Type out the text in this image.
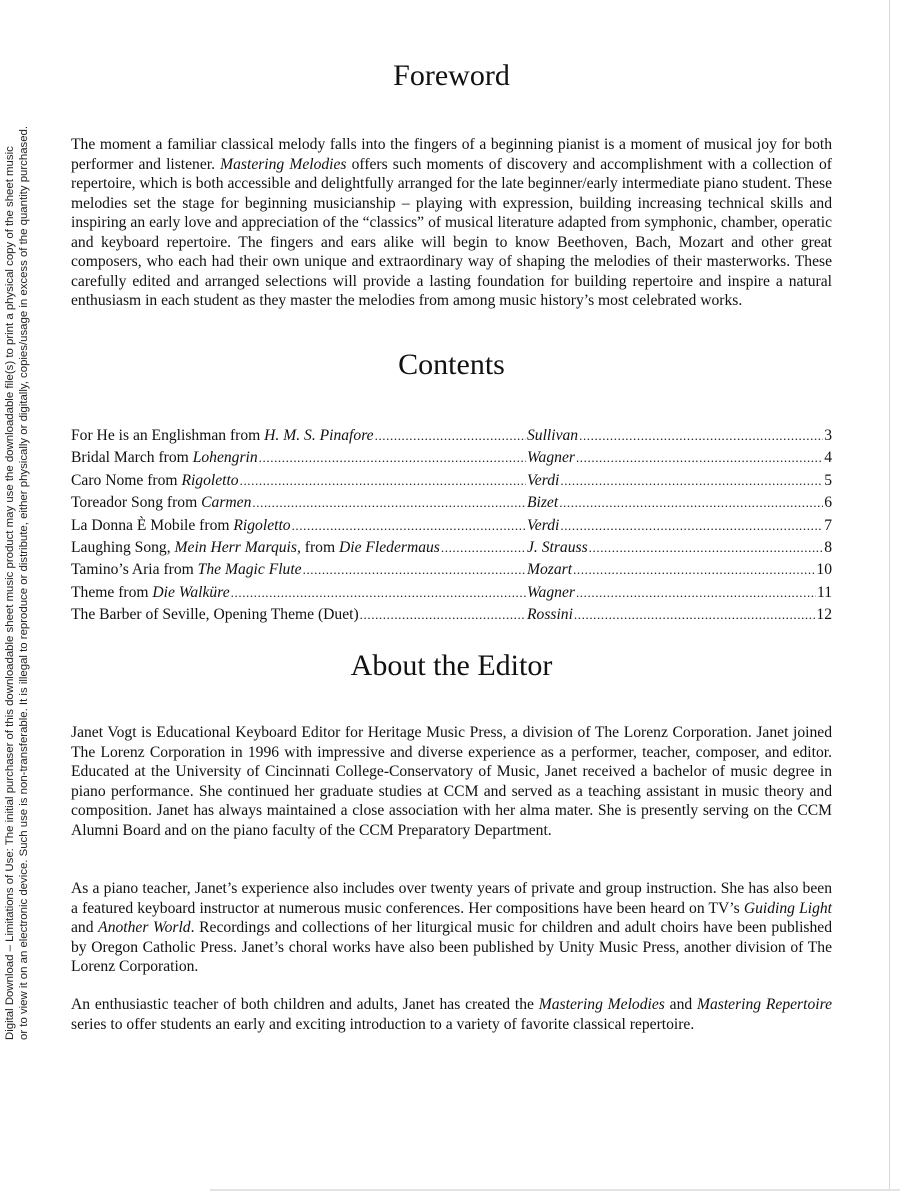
Digital Download – Limitations of Use: The initial purchaser of this downloadable sheet music product may use the downloadable file(s) to print a physical copy of the sheet music or to view it on an electronic device. Such use is non-transferable. It is illegal to reproduce or distribute, either physically or digitally, copies/usage in excess of the quantity purchased.
Foreword

The moment a familiar classical melody falls into the fingers of a beginning pianist is a moment of musical joy for both performer and listener. Mastering Melodies offers such moments of discovery and accomplishment with a collection of repertoire, which is both accessible and delightfully arranged for the late beginner/early intermediate piano student. These melodies set the stage for beginning musicianship – playing with expression, building increasing technical skills and inspiring an early love and appreciation of the “classics” of musical literature adapted from symphonic, chamber, operatic and keyboard repertoire. The fingers and ears alike will begin to know Beethoven, Bach, Mozart and other great composers, who each had their own unique and extraordinary way of shaping the melodies of their masterworks. These carefully edited and arranged selections will provide a lasting foundation for building repertoire and inspire a natural enthusiasm in each student as they master the melodies from among music history’s most celebrated works.

Contents
For He is an Englishman from H. M. S. Pinafore .....	Sullivan .....	3
Bridal March from Lohengrin .....	Wagner .....	4
Caro Nome from Rigoletto .....	Verdi .....	5
Toreador Song from Carmen .....	Bizet .....	6
La Donna È Mobile from Rigoletto .....	Verdi .....	7
Laughing Song, Mein Herr Marquis, from Die Fledermaus .....	J. Strauss .....	8
Tamino’s Aria from The Magic Flute .....	Mozart .....	10
Theme from Die Walküre .....	Wagner .....	11
The Barber of Seville, Opening Theme (Duet) .....	Rossini .....	12
About the Editor

Janet Vogt is Educational Keyboard Editor for Heritage Music Press, a division of The Lorenz Corporation. Janet joined The Lorenz Corporation in 1996 with impressive and diverse experience as a performer, teacher, composer, and editor. Educated at the University of Cincinnati College-Conservatory of Music, Janet received a bachelor of music degree in piano performance. She continued her graduate studies at CCM and served as a teaching assistant in music theory and composition. Janet has always maintained a close association with her alma mater. She is presently serving on the CCM Alumni Board and on the piano faculty of the CCM Preparatory Department.

As a piano teacher, Janet’s experience also includes over twenty years of private and group instruction. She has also been a featured keyboard instructor at numerous music conferences. Her compositions have been heard on TV’s Guiding Light and Another World. Recordings and collections of her liturgical music for children and adult choirs have been published by Oregon Catholic Press. Janet’s choral works have also been published by Unity Music Press, another division of The Lorenz Corporation.

An enthusiastic teacher of both children and adults, Janet has created the Mastering Melodies and Mastering Repertoire series to offer students an early and exciting introduction to a variety of favorite classical repertoire.
